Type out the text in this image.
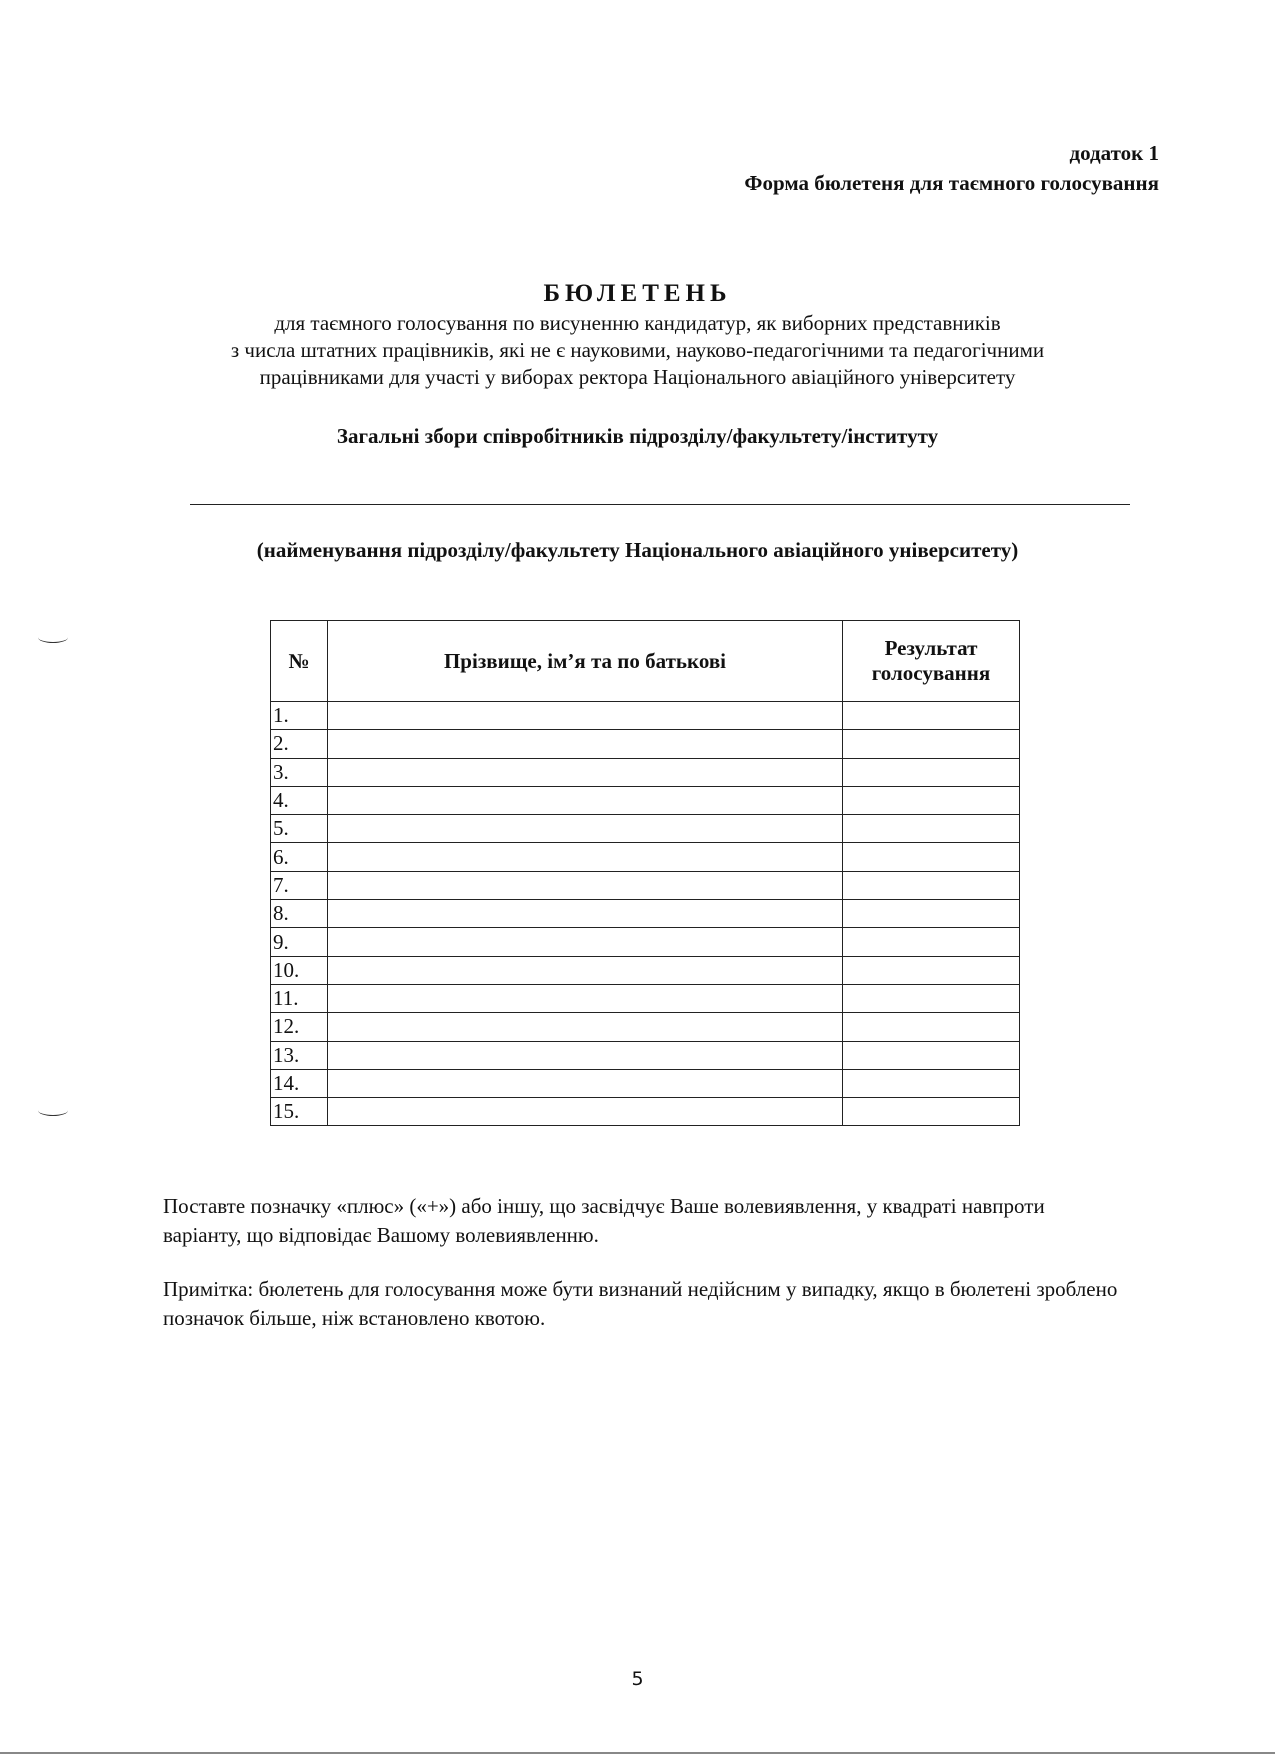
додаток 1
Форма бюлетеня для таємного голосування
БЮЛЕТЕНЬ
для таємного голосування по висуненню кандидатур, як виборних представників
з числа штатних працівників, які не є науковими, науково-педагогічними та педагогічними
працівниками для участі у виборах ректора Національного авіаційного університету
Загальні збори співробітників підрозділу/факультету/інституту
(найменування підрозділу/факультету Національного авіаційного університету)
№	Прізвище, ім’я та по батькові	Результат голосування
1.		
2.		
3.		
4.		
5.		
6.		
7.		
8.		
9.		
10.		
11.		
12.		
13.		
14.		
15.		
Поставте позначку «плюс» («+») або іншу, що засвідчує Ваше волевиявлення, у квадраті навпроти варіанту, що відповідає Вашому волевиявленню.
Примітка: бюлетень для голосування може бути визнаний недійсним у випадку, якщо в бюлетені зроблено позначок більше, ніж встановлено квотою.
5
